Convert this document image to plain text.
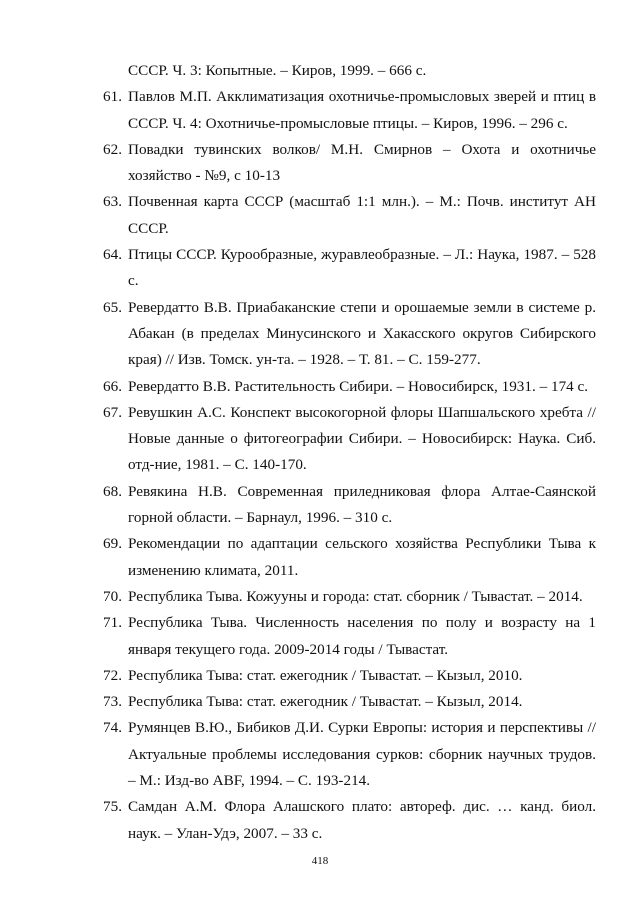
СССР. Ч. 3: Копытные. – Киров, 1999. – 666 с.
61. Павлов М.П. Акклиматизация охотничье-промысловых зверей и птиц в СССР. Ч. 4: Охотничье-промысловые птицы. – Киров, 1996. – 296 с.
62. Повадки тувинских волков/ М.Н. Смирнов – Охота и охотничье хозяйство - №9, с 10-13
63. Почвенная карта СССР (масштаб 1:1 млн.). – М.: Почв. институт АН СССР.
64. Птицы СССР. Курообразные, журавлеобразные. – Л.: Наука, 1987. – 528 с.
65. Ревердатто В.В. Приабаканские степи и орошаемые земли в системе р. Абакан (в пределах Минусинского и Хакасского округов Сибирского края) // Изв. Томск. ун-та. – 1928. – Т. 81. – С. 159-277.
66. Ревердатто В.В. Растительность Сибири. – Новосибирск, 1931. – 174 с.
67. Ревушкин А.С. Конспект высокогорной флоры Шапшальского хребта // Новые данные о фитогеографии Сибири. – Новосибирск: Наука. Сиб. отд-ние, 1981. – С. 140-170.
68. Ревякина Н.В. Современная приледниковая флора Алтае-Саянской горной области. – Барнаул, 1996. – 310 с.
69. Рекомендации по адаптации сельского хозяйства Республики Тыва к изменению климата, 2011.
70. Республика Тыва. Кожууны и города: стат. сборник / Тывастат. – 2014.
71. Республика Тыва. Численность населения по полу и возрасту на 1 января текущего года. 2009-2014 годы / Тывастат.
72. Республика Тыва: стат. ежегодник / Тывастат. – Кызыл, 2010.
73. Республика Тыва: стат. ежегодник / Тывастат. – Кызыл, 2014.
74. Румянцев В.Ю., Бибиков Д.И. Сурки Европы: история и перспективы // Актуальные проблемы исследования сурков: сборник научных трудов. – М.: Изд-во ABF, 1994. – С. 193-214.
75. Самдан А.М. Флора Алашского плато: автореф. дис. … канд. биол. наук. – Улан-Удэ, 2007. – 33 с.
418
